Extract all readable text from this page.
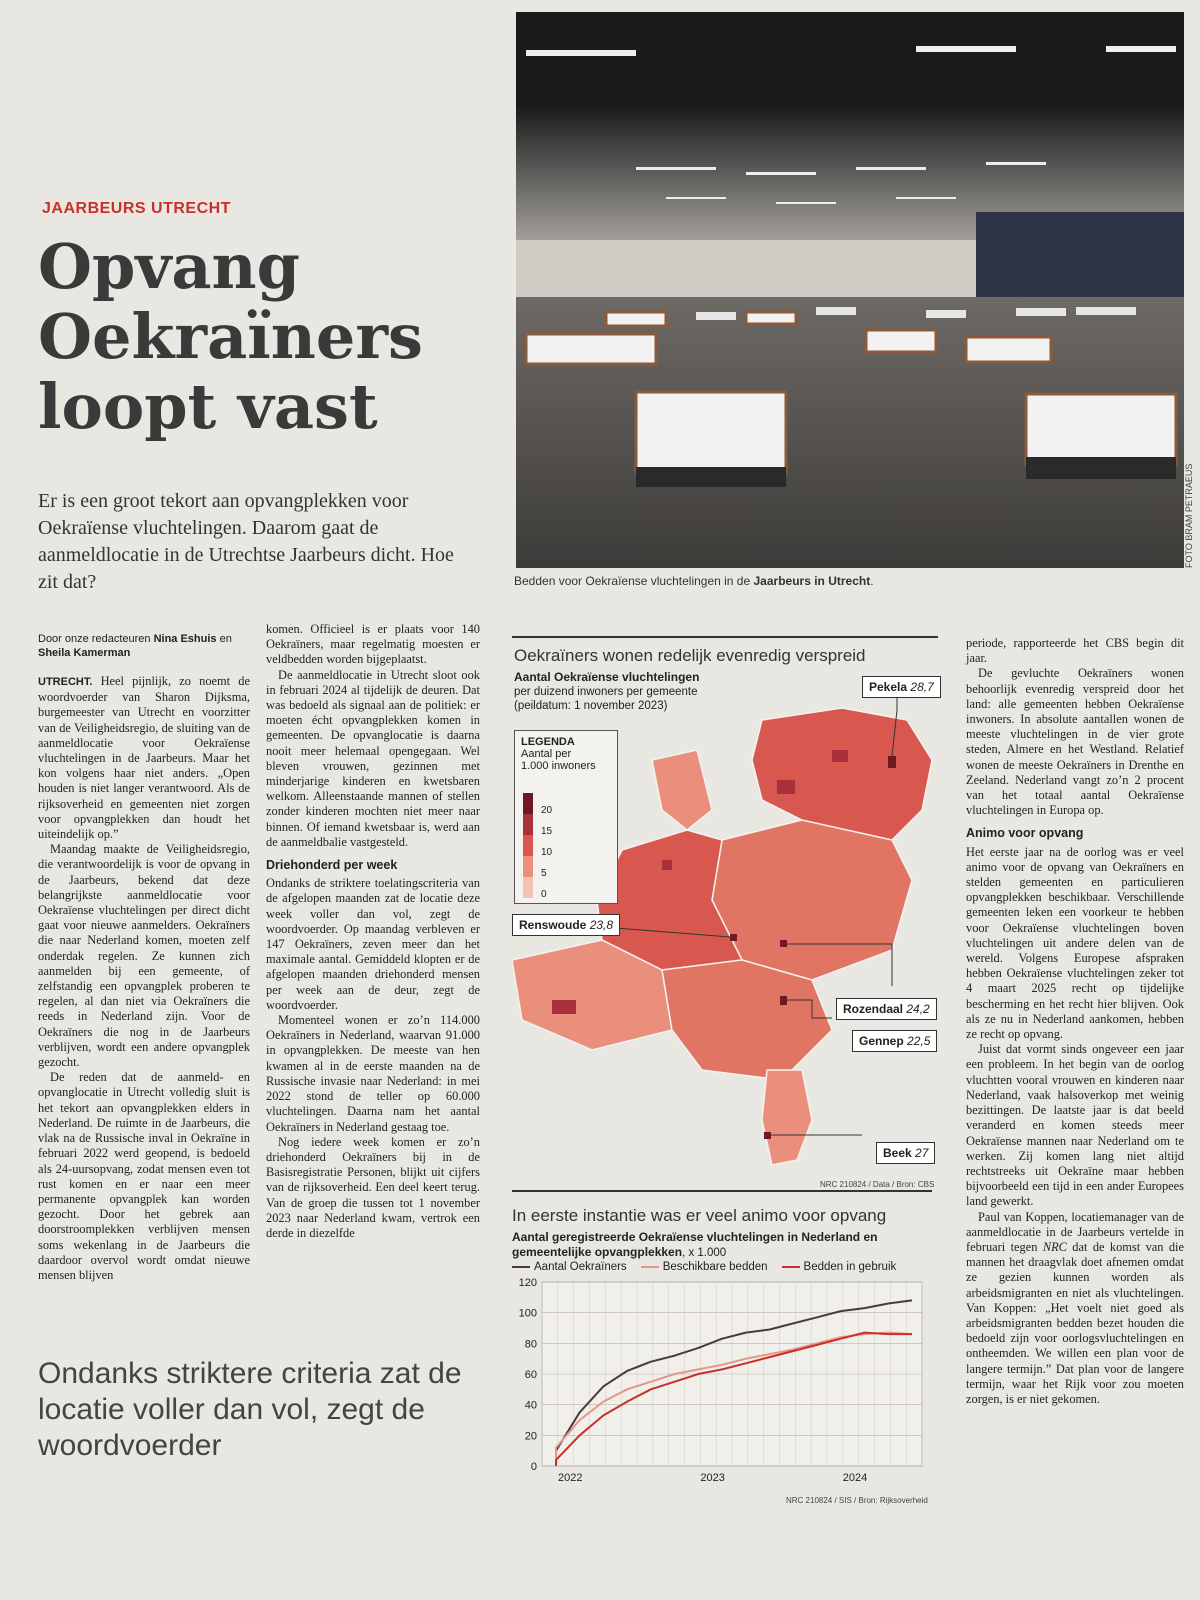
JAARBEURS UTRECHT
Opvang
Oekraïners
loopt vast
Er is een groot tekort aan opvangplekken voor Oekraïense vluchtelingen. Daarom gaat de aanmeldlocatie in de Utrechtse Jaarbeurs dicht. Hoe zit dat?	Bedden voor Oekraïense vluchtelingen in de Jaarbeurs in Utrecht.
FOTO BRAM PETRAEUS
Door onze redacteuren Nina Eshuis en Sheila Kamerman

UTRECHT. Heel pijnlijk, zo noemt de woordvoerder van Sharon Dijksma, burgemeester van Utrecht en voorzitter van de Veiligheidsregio, de sluiting van de aanmeldlocatie voor Oekraïense vluchtelingen in de Jaarbeurs. Maar het kon volgens haar niet anders. „Open houden is niet langer verantwoord. Als de rijksoverheid en gemeenten niet zorgen voor opvangplekken dan houdt het uiteindelijk op.”

Maandag maakte de Veiligheidsregio, die verantwoordelijk is voor de opvang in de Jaarbeurs, bekend dat deze belangrijkste aanmeldlocatie voor Oekraïense vluchtelingen per direct dicht gaat voor nieuwe aanmelders. Oekraïners die naar Nederland komen, moeten zelf onderdak regelen. Ze kunnen zich aanmelden bij een gemeente, of zelfstandig een opvangplek proberen te regelen, al dan niet via Oekraïners die reeds in Nederland zijn. Voor de Oekraïners die nog in de Jaarbeurs verblijven, wordt een andere opvangplek gezocht.

De reden dat de aanmeld- en opvanglocatie in Utrecht volledig sluit is het tekort aan opvangplekken elders in Nederland. De ruimte in de Jaarbeurs, die vlak na de Russische inval in Oekraïne in februari 2022 werd geopend, is bedoeld als 24-uursopvang, zodat mensen even tot rust komen en er naar een meer permanente opvangplek kan worden gezocht. Door het gebrek aan doorstroomplekken verblijven mensen soms wekenlang in de Jaarbeurs die daardoor overvol wordt omdat nieuwe mensen blijven

komen. Officieel is er plaats voor 140 Oekraïners, maar regelmatig moesten er veldbedden worden bijgeplaatst.

De aanmeldlocatie in Utrecht sloot ook in februari 2024 al tijdelijk de deuren. Dat was bedoeld als signaal aan de politiek: er moeten écht opvangplekken komen in gemeenten. De opvanglocatie is daarna nooit meer helemaal opengegaan. Wel bleven vrouwen, gezinnen met minderjarige kinderen en kwetsbaren welkom. Alleenstaande mannen of stellen zonder kinderen mochten niet meer naar binnen. Of iemand kwetsbaar is, werd aan de aanmeldbalie vastgesteld.

Driehonderd per week

Ondanks de striktere toelatingscriteria van de afgelopen maanden zat de locatie deze week voller dan vol, zegt de woordvoerder. Op maandag verbleven er 147 Oekraïners, zeven meer dan het maximale aantal. Gemiddeld klopten er de afgelopen maanden driehonderd mensen per week aan de deur, zegt de woordvoerder.

Momenteel wonen er zo’n 114.000 Oekraïners in Nederland, waarvan 91.000 in opvangplekken. De meeste van hen kwamen al in de eerste maanden na de Russische invasie naar Nederland: in mei 2022 stond de teller op 60.000 vluchtelingen. Daarna nam het aantal Oekraïners in Nederland gestaag toe.

Nog iedere week komen er zo’n driehonderd Oekraïners bij in de Basisregistratie Personen, blijkt uit cijfers van de rijksoverheid. Een deel keert terug. Van de groep die tussen tot 1 november 2023 naar Nederland kwam, vertrok een derde in diezelfde

periode, rapporteerde het CBS begin dit jaar.

De gevluchte Oekraïners wonen behoorlijk evenredig verspreid door het land: alle gemeenten hebben Oekraïense inwoners. In absolute aantallen wonen de meeste vluchtelingen in de vier grote steden, Almere en het Westland. Relatief wonen de meeste Oekraïners in Drenthe en Zeeland. Nederland vangt zo’n 2 procent van het totaal aantal Oekraïense vluchtelingen in Europa op.

Animo voor opvang

Het eerste jaar na de oorlog was er veel animo voor de opvang van Oekraïners en stelden gemeenten en particulieren opvangplekken beschikbaar. Verschillende gemeenten leken een voorkeur te hebben voor Oekraïense vluchtelingen boven vluchtelingen uit andere delen van de wereld. Volgens Europese afspraken hebben Oekraïense vluchtelingen zeker tot 4 maart 2025 recht op tijdelijke bescherming en het recht hier blijven. Ook als ze nu in Nederland aankomen, hebben ze recht op opvang.

Juist dat vormt sinds ongeveer een jaar een probleem. In het begin van de oorlog vluchtten vooral vrouwen en kinderen naar Nederland, vaak halsoverkop met weinig bezittingen. De laatste jaar is dat beeld veranderd en komen steeds meer Oekraïense mannen naar Nederland om te werken. Zij komen lang niet altijd rechtstreeks uit Oekraïne maar hebben bijvoorbeeld een tijd in een ander Europees land gewerkt.

Paul van Koppen, locatiemanager van de aanmeldlocatie in de Jaarbeurs vertelde in februari tegen NRC dat de komst van die mannen het draagvlak doet afnemen omdat ze gezien kunnen worden als arbeidsmigranten en niet als vluchtelingen. Van Koppen: „Het voelt niet goed als arbeidsmigranten bedden bezet houden die bedoeld zijn voor oorlogsvluchtelingen en ontheemden. We willen een plan voor de langere termijn.” Dat plan voor de langere termijn, waar het Rijk voor zou moeten zorgen, is er niet gekomen.

Ondanks striktere criteria zat de locatie voller dan vol, zegt de woordvoerder
Oekraïners wonen redelijk evenredig verspreid
Aantal Oekraïense vluchtelingen
per duizend inwoners per gemeente
(peildatum: 1 november 2023)
LEGENDA
Aantal per
1.000 inwoners
20
15
10
5
0
Pekela 28,7
Renswoude 23,8
Rozendaal 24,2
Gennep 22,5
Beek 27
NRC 210824 / Data / Bron: CBS
In eerste instantie was er veel animo voor opvang
Aantal geregistreerde Oekraïense vluchtelingen in Nederland en gemeentelijke opvangplekken, x 1.000
Aantal Oekraïners	Beschikbare bedden	Bedden in gebruik
0
20
40
60
80
100
120
2022	2023	2024
NRC 210824 / SIS / Bron: Rijksoverheid
